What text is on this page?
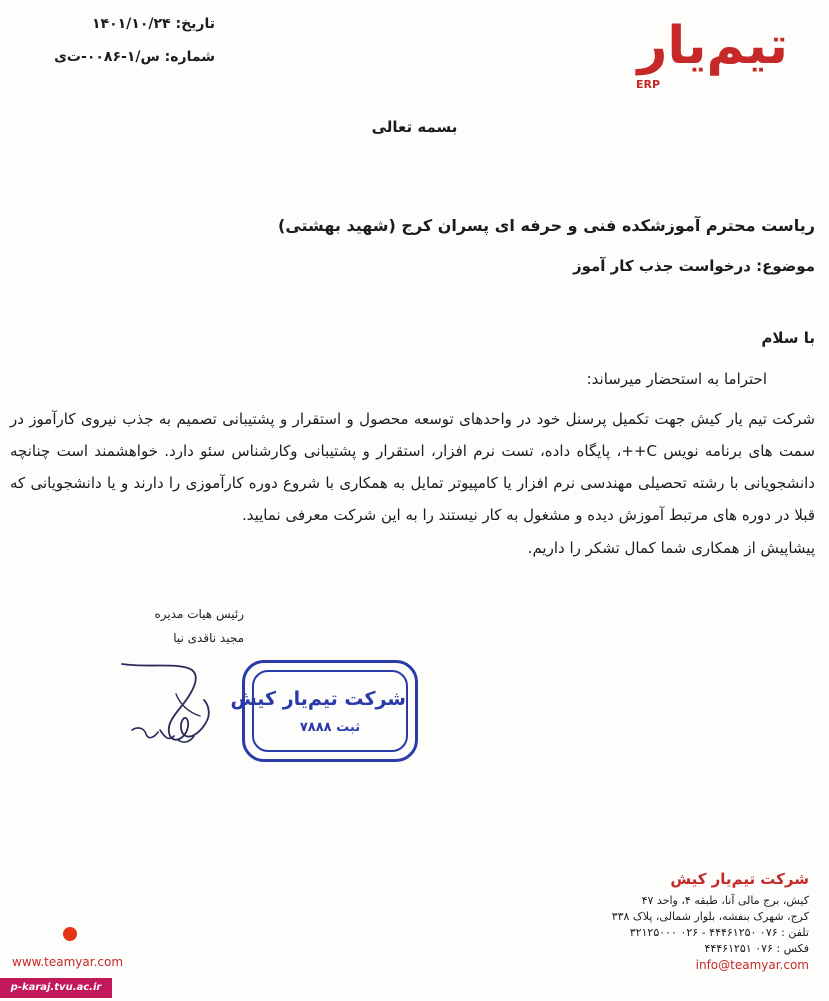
تیم‌یار
ERP
تاریخ: ۱۴۰۱/۱۰/۲۴
شماره: س/۱-۰۰۸۶-ت‌ی
بسمه تعالی
ریاست محترم آموزشکده فنی و حرفه ای پسران کرج (شهید بهشتی)
موضوع: درخواست جذب کار آموز
با سلام
احتراما به استحضار میرساند:
شرکت تیم یار کیش جهت تکمیل پرسنل خود در واحدهای توسعه محصول و استقرار و پشتیبانی تصمیم به جذب نیروی کارآموز در سمت های برنامه نویس C++، پایگاه داده، تست نرم افزار، استقرار و پشتیبانی وکارشناس سئو دارد. خواهشمند است چنانچه دانشجویانی با رشته تحصیلی مهندسی نرم افزار یا کامپیوتر تمایل به همکاری با شروع دوره کارآموزی را دارند و یا دانشجویانی که قبلا در دوره های مرتبط آموزش دیده و مشغول به کار نیستند را به این شرکت معرفی نمایید.
پیشاپیش از همکاری شما کمال تشکر را داریم.
رئیس هیات مدیره
مجید ناقدی نیا
شرکت تیم‌یار کیش
ثبت ۷۸۸۸
شرکت تیم‌یار کیش
کیش، برج مالی آنا، طبقه ۴، واحد ۴۷
کرج، شهرک بنفشه، بلوار شمالی، پلاک ۳۳۸
تلفن : ۰۷۶ ۴۴۴۶۱۲۵۰ - ۰۲۶ ۳۲۱۲۵۰۰۰
فکس : ۰۷۶ ۴۴۴۶۱۲۵۱
info@teamyar.com
www.teamyar.com
p-karaj.tvu.ac.ir
